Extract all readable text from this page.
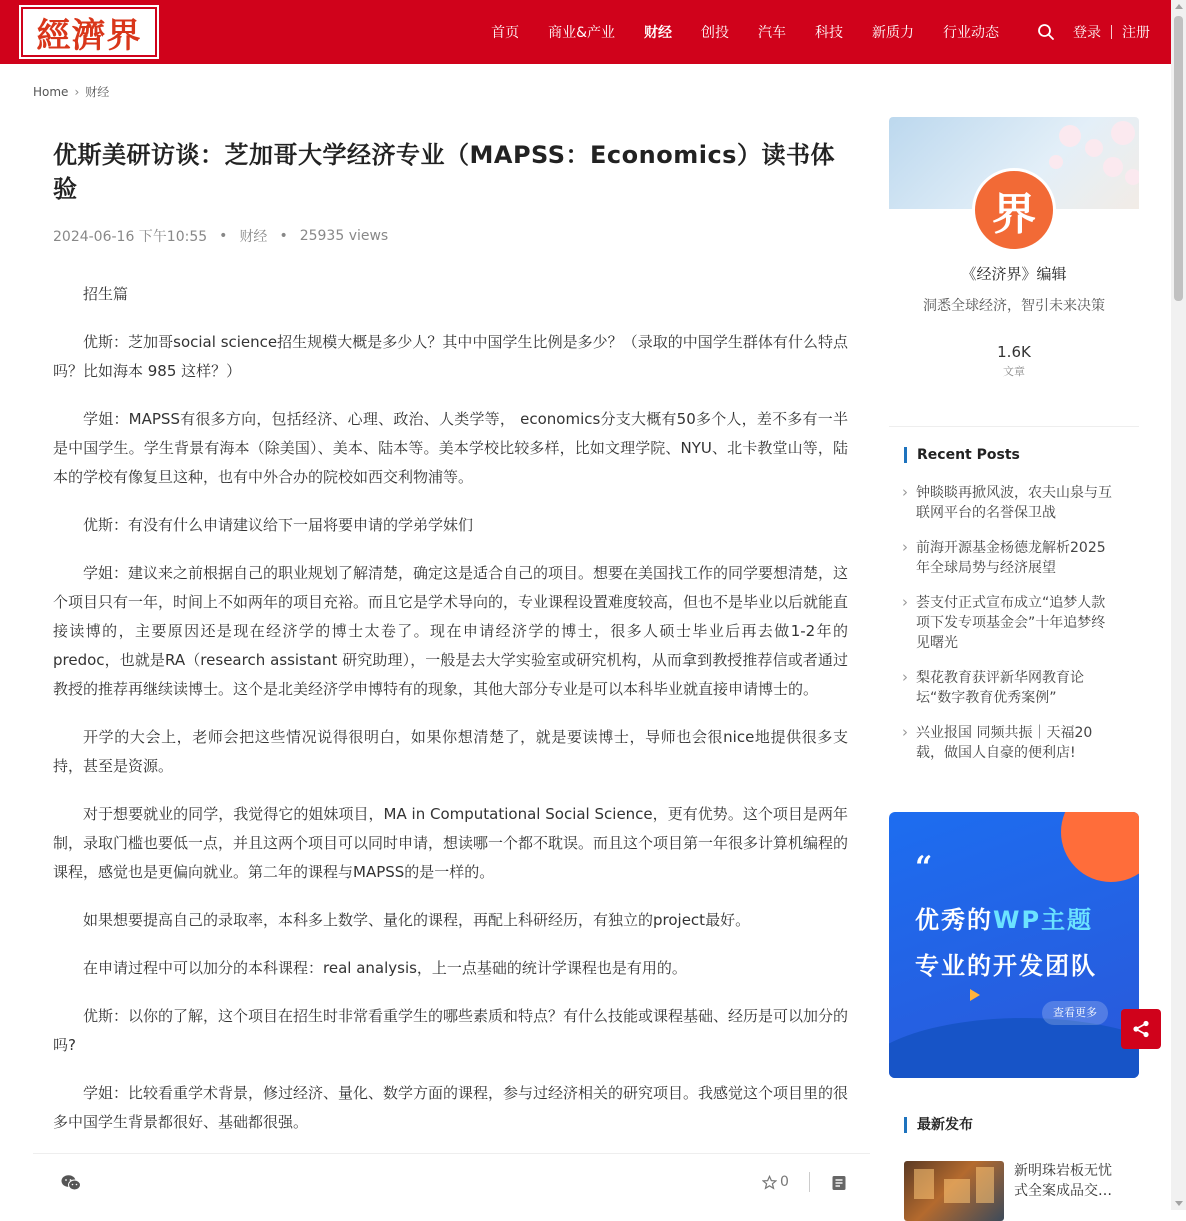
經濟界	首页 商业&产业 财经 创投 汽车 科技 新质力 行业动态	登录 注册
Home › 财经
优斯美研访谈：芝加哥大学经济专业（MAPSS：Economics）读书体验
2024-06-16 下午10:55 • 财经 • 25935 views

招生篇

优斯：芝加哥social science招生规模大概是多少人？其中中国学生比例是多少？（录取的中国学生群体有什么特点吗？比如海本 985 这样？）

学姐：MAPSS有很多方向，包括经济、心理、政治、人类学等， economics分支大概有50多个人，差不多有一半是中国学生。学生背景有海本（除美国）、美本、陆本等。美本学校比较多样，比如文理学院、NYU、北卡教堂山等，陆本的学校有像复旦这种，也有中外合办的院校如西交利物浦等。

优斯：有没有什么申请建议给下一届将要申请的学弟学妹们

学姐：建议来之前根据自己的职业规划了解清楚，确定这是适合自己的项目。想要在美国找工作的同学要想清楚，这个项目只有一年，时间上不如两年的项目充裕。而且它是学术导向的，专业课程设置难度较高，但也不是毕业以后就能直接读博的，主要原因还是现在经济学的博士太卷了。现在申请经济学的博士，很多人硕士毕业后再去做1-2年的predoc，也就是RA（research assistant 研究助理），一般是去大学实验室或研究机构，从而拿到教授推荐信或者通过教授的推荐再继续读博士。这个是北美经济学申博特有的现象，其他大部分专业是可以本科毕业就直接申请博士的。

开学的大会上，老师会把这些情况说得很明白，如果你想清楚了，就是要读博士，导师也会很nice地提供很多支持，甚至是资源。

对于想要就业的同学，我觉得它的姐妹项目，MA in Computational Social Science，更有优势。这个项目是两年制，录取门槛也要低一点，并且这两个项目可以同时申请，想读哪一个都不耽误。而且这个项目第一年很多计算机编程的课程，感觉也是更偏向就业。第二年的课程与MAPSS的是一样的。

如果想要提高自己的录取率，本科多上数学、量化的课程，再配上科研经历，有独立的project最好。

在申请过程中可以加分的本科课程：real analysis，上一点基础的统计学课程也是有用的。

优斯：以你的了解，这个项目在招生时非常看重学生的哪些素质和特点？有什么技能或课程基础、经历是可以加分的吗?

学姐：比较看重学术背景，修过经济、量化、数学方面的课程，参与过经济相关的研究项目。我感觉这个项目里的很多中国学生背景都很好、基础都很强。

0
界
《经济界》编辑
洞悉全球经济，智引未来决策
1.6K
文章
Recent Posts
› 钟睒睒再掀风波，农夫山泉与互联网平台的名誉保卫战
› 前海开源基金杨德龙解析2025年全球局势与经济展望
› 荟支付正式宣布成立“追梦人款项下发专项基金会”十年追梦终见曙光
› 梨花教育获评新华网教育论坛“数字教育优秀案例”
› 兴业报国 同频共振｜天福20载，做国人自豪的便利店!
“
优秀的WP主题
专业的开发团队
查看更多
最新发布
新明珠岩板无忧式全案成品交…
